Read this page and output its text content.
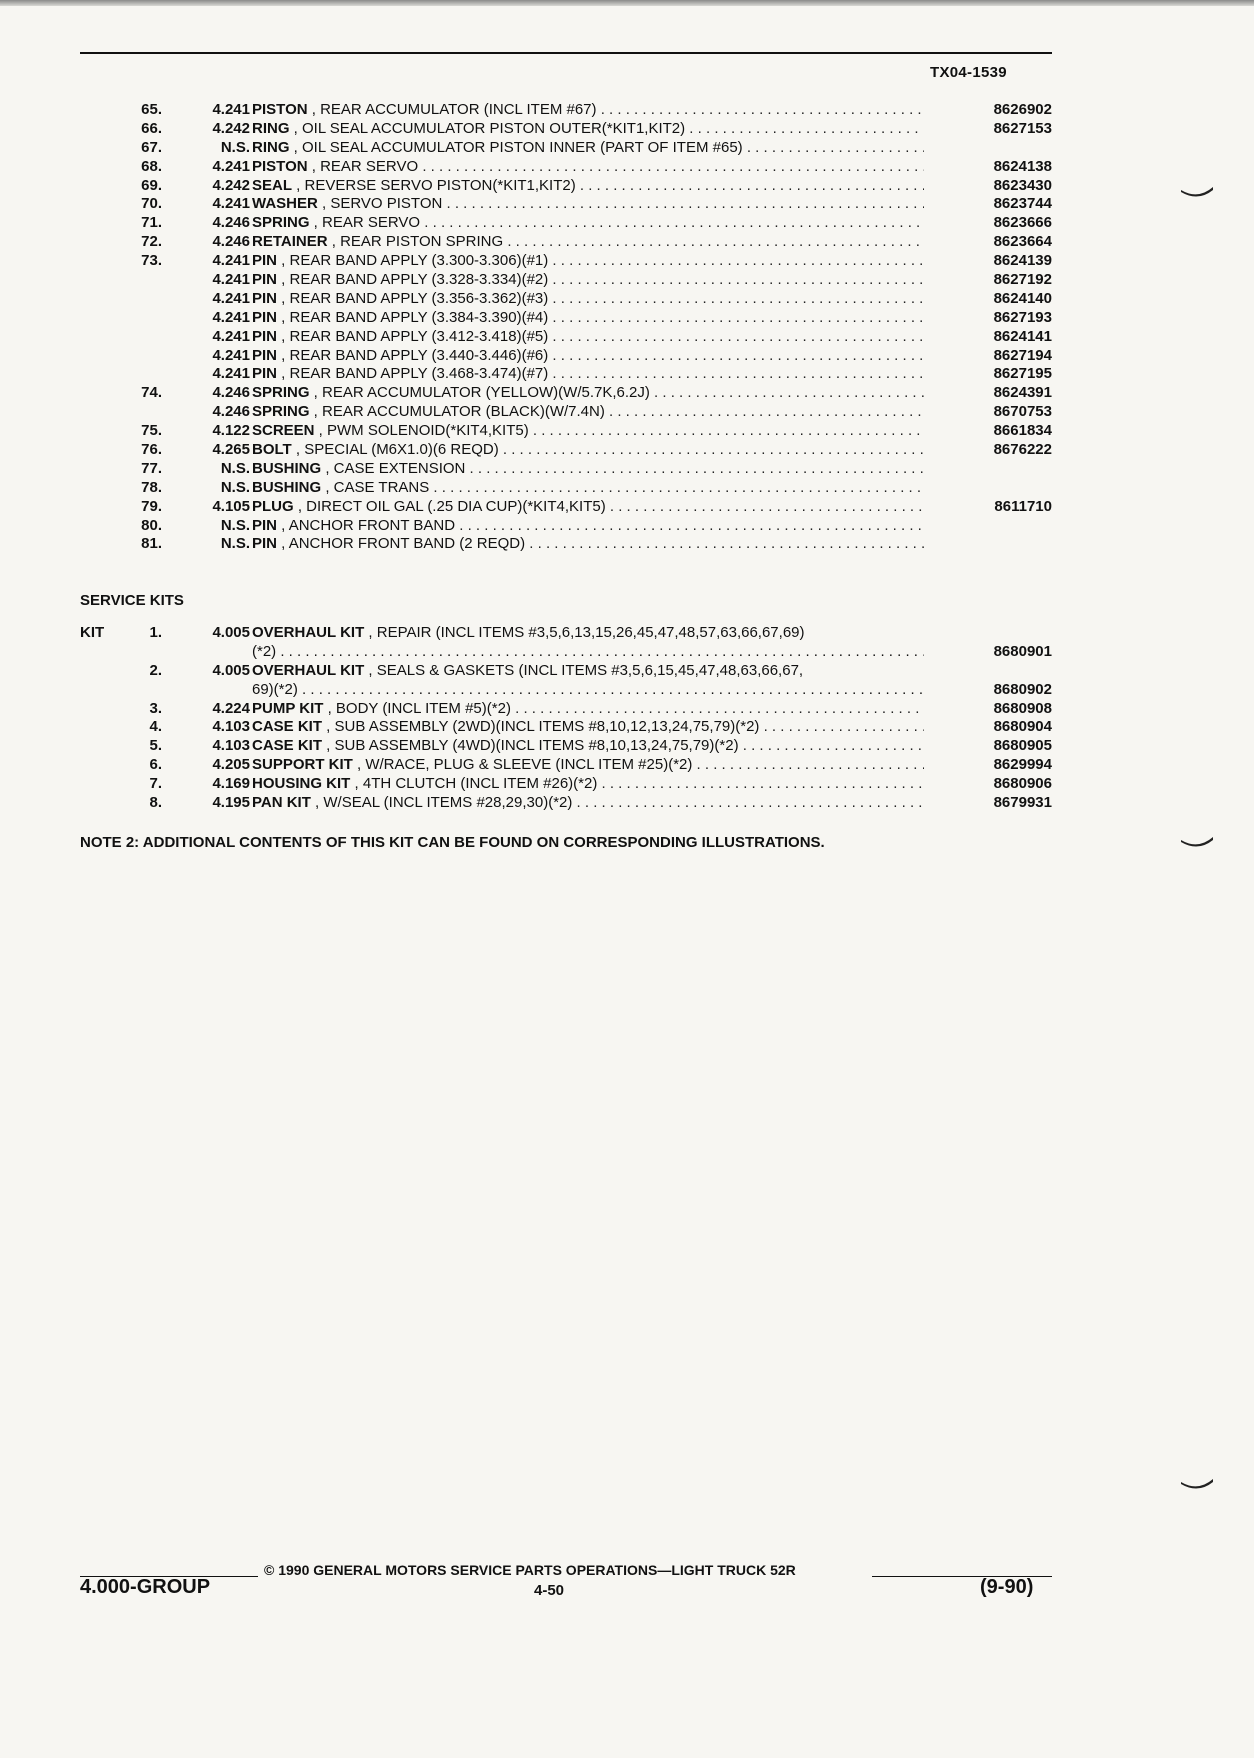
TX04-1539
65.	4.241 PISTON , REAR ACCUMULATOR (INCL ITEM #67) . . .	8626902
66.	4.242 RING , OIL SEAL ACCUMULATOR PISTON OUTER(*KIT1,KIT2) . . .	8627153
67.	N.S. RING , OIL SEAL ACCUMULATOR PISTON INNER (PART OF ITEM #65) . . .
68.	4.241 PISTON , REAR SERVO . . .	8624138
69.	4.242 SEAL , REVERSE SERVO PISTON(*KIT1,KIT2) . . .	8623430
70.	4.241 WASHER , SERVO PISTON . . .	8623744
71.	4.246 SPRING , REAR SERVO . . .	8623666
72.	4.246 RETAINER , REAR PISTON SPRING . . .	8623664
73.	4.241 PIN , REAR BAND APPLY (3.300-3.306)(#1) . . .	8624139
4.241 PIN , REAR BAND APPLY (3.328-3.334)(#2) . . .	8627192
4.241 PIN , REAR BAND APPLY (3.356-3.362)(#3) . . .	8624140
4.241 PIN , REAR BAND APPLY (3.384-3.390)(#4) . . .	8627193
4.241 PIN , REAR BAND APPLY (3.412-3.418)(#5) . . .	8624141
4.241 PIN , REAR BAND APPLY (3.440-3.446)(#6) . . .	8627194
4.241 PIN , REAR BAND APPLY (3.468-3.474)(#7) . . .	8627195
74.	4.246 SPRING , REAR ACCUMULATOR (YELLOW)(W/5.7K,6.2J) . . .	8624391
4.246 SPRING , REAR ACCUMULATOR (BLACK)(W/7.4N) . . .	8670753
75.	4.122 SCREEN , PWM SOLENOID(*KIT4,KIT5) . . .	8661834
76.	4.265 BOLT , SPECIAL (M6X1.0)(6 REQD) . . .	8676222
77.	N.S. BUSHING , CASE EXTENSION . . .
78.	N.S. BUSHING , CASE TRANS . . .
79.	4.105 PLUG , DIRECT OIL GAL (.25 DIA CUP)(*KIT4,KIT5) . . .	8611710
80.	N.S. PIN , ANCHOR FRONT BAND . . .
81.	N.S. PIN , ANCHOR FRONT BAND (2 REQD) . . .
SERVICE KITS
KIT	1.	4.005 OVERHAUL KIT , REPAIR (INCL ITEMS #3,5,6,13,15,26,45,47,48,57,63,66,67,69)
(*2) . . .	8680901
2.	4.005 OVERHAUL KIT , SEALS & GASKETS (INCL ITEMS #3,5,6,15,45,47,48,63,66,67,
69)(*2) . . .	8680902
3.	4.224 PUMP KIT , BODY (INCL ITEM #5)(*2) . . .	8680908
4.	4.103 CASE KIT , SUB ASSEMBLY (2WD)(INCL ITEMS #8,10,12,13,24,75,79)(*2) . . .	8680904
5.	4.103 CASE KIT , SUB ASSEMBLY (4WD)(INCL ITEMS #8,10,13,24,75,79)(*2) . . .	8680905
6.	4.205 SUPPORT KIT , W/RACE, PLUG & SLEEVE (INCL ITEM #25)(*2) . . .	8629994
7.	4.169 HOUSING KIT , 4TH CLUTCH (INCL ITEM #26)(*2) . . .	8680906
8.	4.195 PAN KIT , W/SEAL (INCL ITEMS #28,29,30)(*2) . . .	8679931
NOTE 2: ADDITIONAL CONTENTS OF THIS KIT CAN BE FOUND ON CORRESPONDING ILLUSTRATIONS.
© 1990 GENERAL MOTORS SERVICE PARTS OPERATIONS—LIGHT TRUCK 52R
4.000-GROUP	4-50	(9-90)
